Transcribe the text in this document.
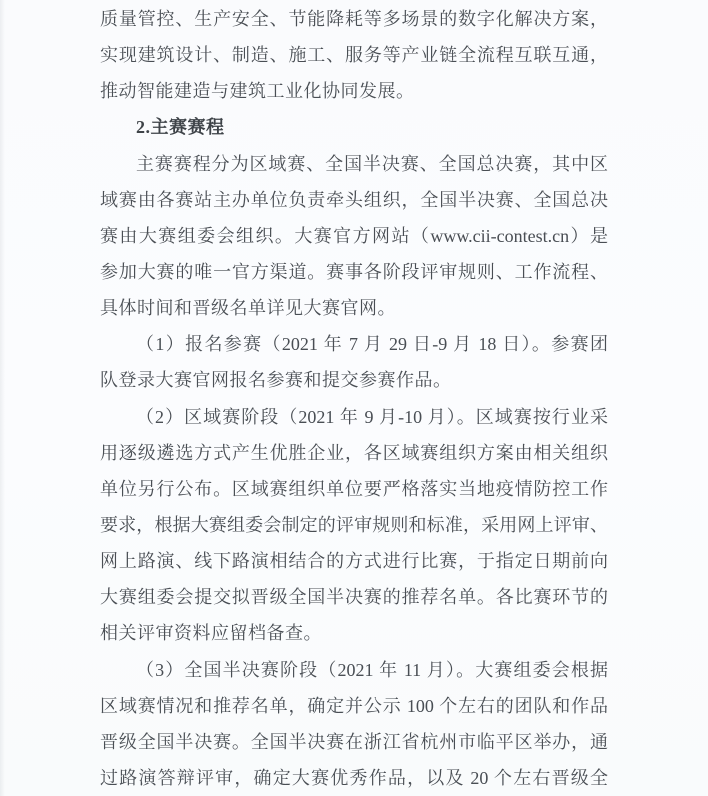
质量管控、生产安全、节能降耗等多场景的数字化解决方案，
实现建筑设计、制造、施工、服务等产业链全流程互联互通，
推动智能建造与建筑工业化协同发展。
2.主赛赛程
主赛赛程分为区域赛、全国半决赛、全国总决赛，其中区
域赛由各赛站主办单位负责牵头组织，全国半决赛、全国总决
赛由大赛组委会组织。大赛官方网站（www.cii-contest.cn）是
参加大赛的唯一官方渠道。赛事各阶段评审规则、工作流程、
具体时间和晋级名单详见大赛官网。
（1）报名参赛（2021 年 7 月 29 日-9 月 18 日）。参赛团
队登录大赛官网报名参赛和提交参赛作品。
（2）区域赛阶段（2021 年 9 月-10 月）。区域赛按行业采
用逐级遴选方式产生优胜企业，各区域赛组织方案由相关组织
单位另行公布。区域赛组织单位要严格落实当地疫情防控工作
要求，根据大赛组委会制定的评审规则和标准，采用网上评审、
网上路演、线下路演相结合的方式进行比赛，于指定日期前向
大赛组委会提交拟晋级全国半决赛的推荐名单。各比赛环节的
相关评审资料应留档备查。
（3）全国半决赛阶段（2021 年 11 月）。大赛组委会根据
区域赛情况和推荐名单，确定并公示 100 个左右的团队和作品
晋级全国半决赛。全国半决赛在浙江省杭州市临平区举办，通
过路演答辩评审，确定大赛优秀作品，以及 20 个左右晋级全
